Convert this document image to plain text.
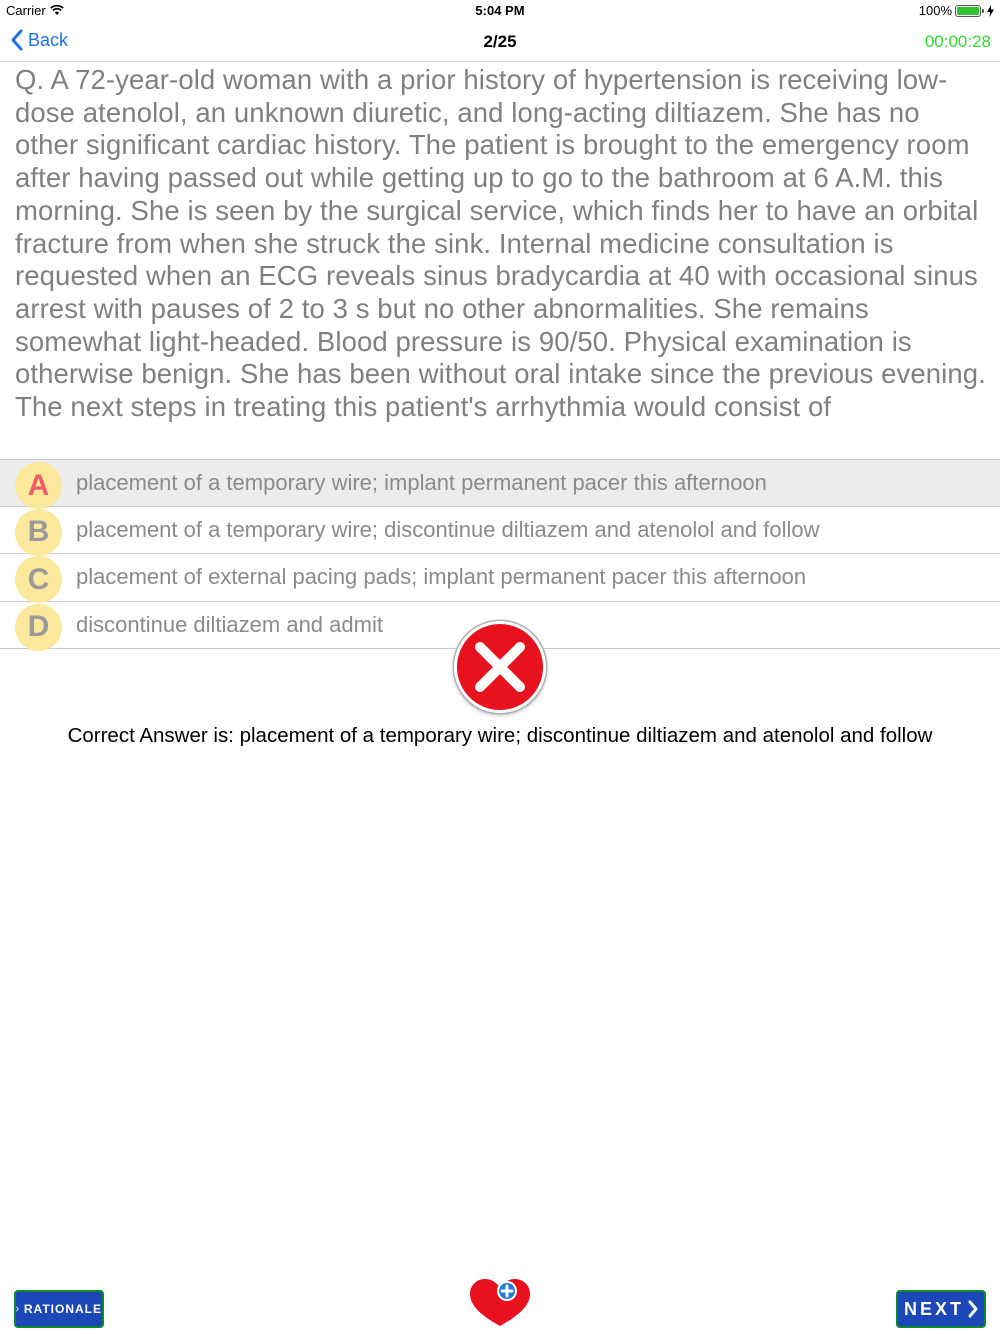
Carrier	5:04 PM	100%
Back	2/25	00:00:28
Q. A 72-year-old woman with a prior history of hypertension is receiving low-dose atenolol, an unknown diuretic, and long-acting diltiazem. She has no other significant cardiac history. The patient is brought to the emergency room after having passed out while getting up to go to the bathroom at 6 A.M. this morning. She is seen by the surgical service, which finds her to have an orbital fracture from when she struck the sink. Internal medicine consultation is requested when an ECG reveals sinus bradycardia at 40 with occasional sinus arrest with pauses of 2 to 3 s but no other abnormalities. She remains somewhat light-headed. Blood pressure is 90/50. Physical examination is otherwise benign. She has been without oral intake since the previous evening. The next steps in treating this patient's arrhythmia would consist of
A	placement of a temporary wire; implant permanent pacer this afternoon
B	placement of a temporary wire; discontinue diltiazem and atenolol and follow
C	placement of external pacing pads; implant permanent pacer this afternoon
D	discontinue diltiazem and admit
Correct Answer is: placement of a temporary wire; discontinue diltiazem and atenolol and follow
RATIONALE	NEXT
